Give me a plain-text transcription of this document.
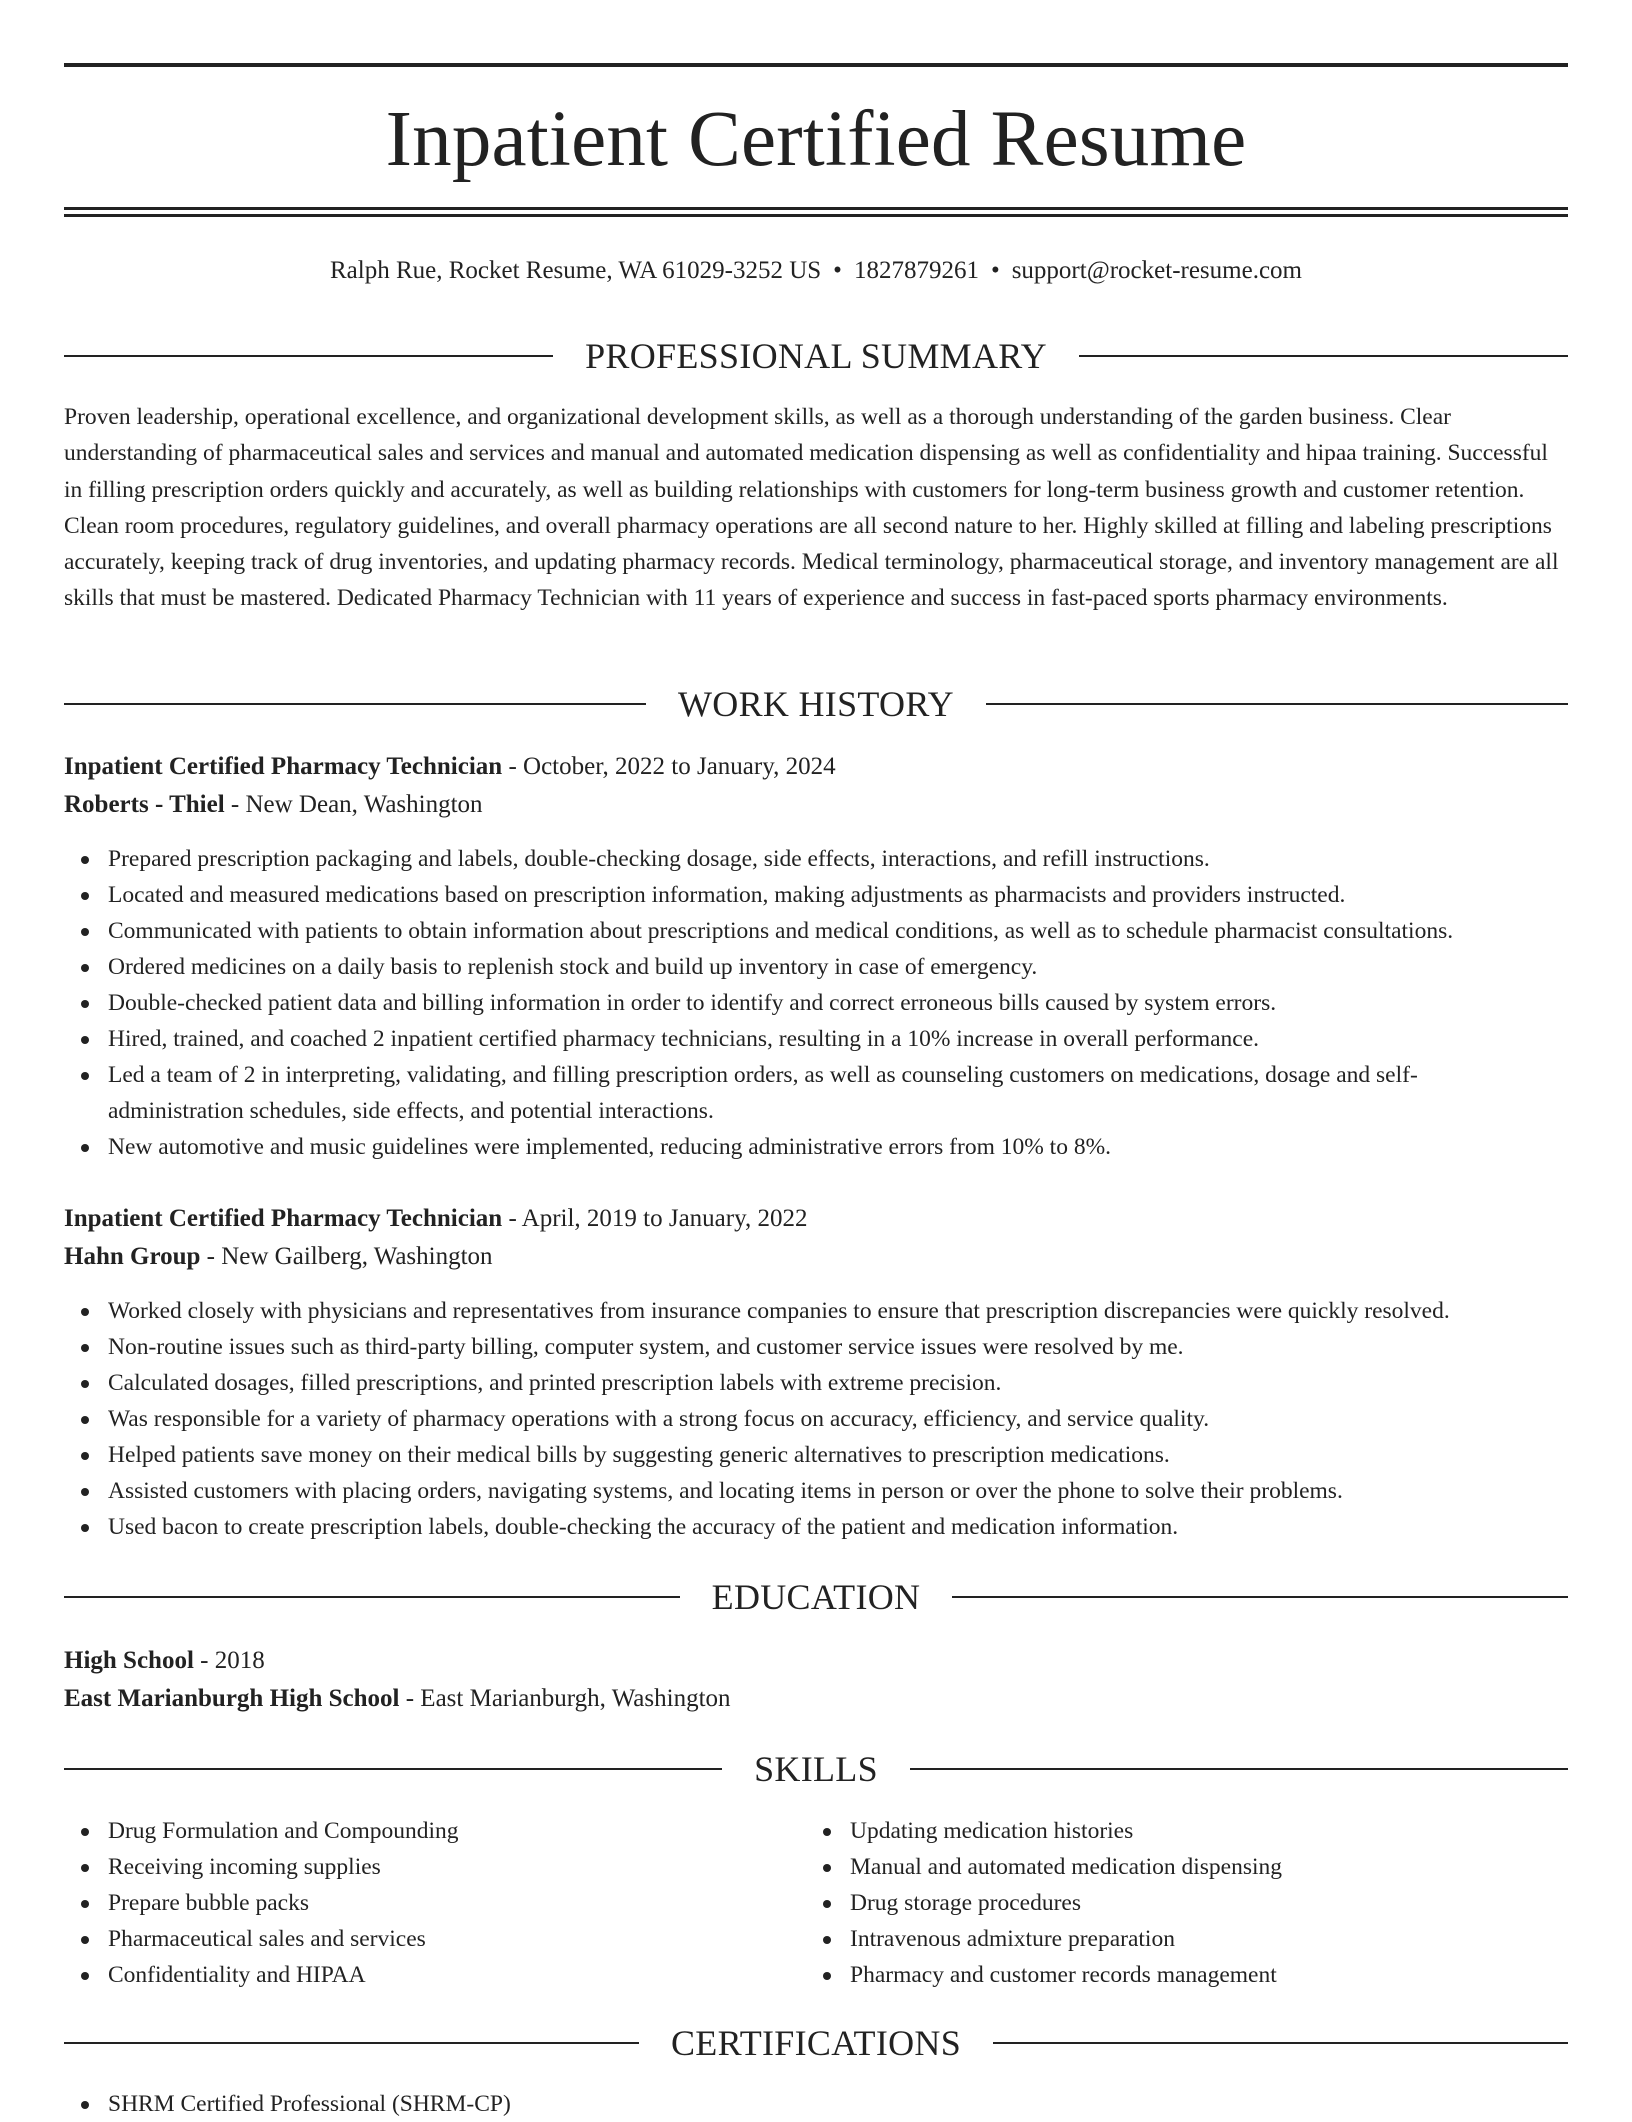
Inpatient Certified Resume
Ralph Rue, Rocket Resume, WA 61029-3252 US • 1827879261 • support@rocket-resume.com
PROFESSIONAL SUMMARY

Proven leadership, operational excellence, and organizational development skills, as well as a thorough understanding of the garden business. Clear understanding of pharmaceutical sales and services and manual and automated medication dispensing as well as confidentiality and hipaa training. Successful in filling prescription orders quickly and accurately, as well as building relationships with customers for long-term business growth and customer retention. Clean room procedures, regulatory guidelines, and overall pharmacy operations are all second nature to her. Highly skilled at filling and labeling prescriptions accurately, keeping track of drug inventories, and updating pharmacy records. Medical terminology, pharmaceutical storage, and inventory management are all skills that must be mastered. Dedicated Pharmacy Technician with 11 years of experience and success in fast-paced sports pharmacy environments.

WORK HISTORY
Inpatient Certified Pharmacy Technician - October, 2022 to January, 2024
Roberts - Thiel - New Dean, Washington
Prepared prescription packaging and labels, double-checking dosage, side effects, interactions, and refill instructions.
Located and measured medications based on prescription information, making adjustments as pharmacists and providers instructed.
Communicated with patients to obtain information about prescriptions and medical conditions, as well as to schedule pharmacist consultations.
Ordered medicines on a daily basis to replenish stock and build up inventory in case of emergency.
Double-checked patient data and billing information in order to identify and correct erroneous bills caused by system errors.
Hired, trained, and coached 2 inpatient certified pharmacy technicians, resulting in a 10% increase in overall performance.
Led a team of 2 in interpreting, validating, and filling prescription orders, as well as counseling customers on medications, dosage and self-administration schedules, side effects, and potential interactions.
New automotive and music guidelines were implemented, reducing administrative errors from 10% to 8%.
Inpatient Certified Pharmacy Technician - April, 2019 to January, 2022
Hahn Group - New Gailberg, Washington
Worked closely with physicians and representatives from insurance companies to ensure that prescription discrepancies were quickly resolved.
Non-routine issues such as third-party billing, computer system, and customer service issues were resolved by me.
Calculated dosages, filled prescriptions, and printed prescription labels with extreme precision.
Was responsible for a variety of pharmacy operations with a strong focus on accuracy, efficiency, and service quality.
Helped patients save money on their medical bills by suggesting generic alternatives to prescription medications.
Assisted customers with placing orders, navigating systems, and locating items in person or over the phone to solve their problems.
Used bacon to create prescription labels, double-checking the accuracy of the patient and medication information.
EDUCATION
High School - 2018
East Marianburgh High School - East Marianburgh, Washington
SKILLS
Drug Formulation and Compounding
Receiving incoming supplies
Prepare bubble packs
Pharmaceutical sales and services
Confidentiality and HIPAA
Updating medication histories
Manual and automated medication dispensing
Drug storage procedures
Intravenous admixture preparation
Pharmacy and customer records management
CERTIFICATIONS
SHRM Certified Professional (SHRM-CP)
